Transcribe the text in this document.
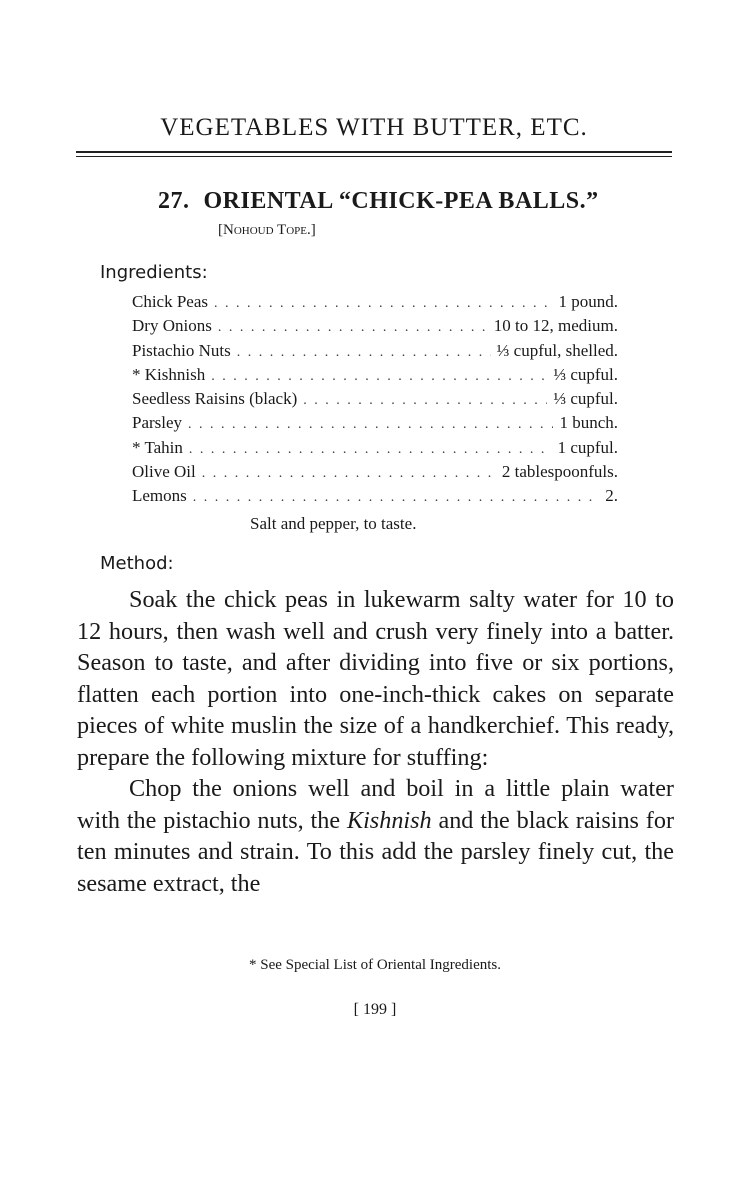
VEGETABLES WITH BUTTER, ETC.
27. ORIENTAL “CHICK-PEA BALLS.”
[Nohoud Tope.]
Ingredients:
Chick Peas . . .	1 pound.
Dry Onions . . .	10 to 12, medium.
Pistachio Nuts . . .	⅓ cupful, shelled.
* Kishnish . . .	⅓ cupful.
Seedless Raisins (black) . . .	⅓ cupful.
Parsley . . .	1 bunch.
* Tahin . . .	1 cupful.
Olive Oil . . .	2 tablespoonfuls.
Lemons . . .	2.
Salt and pepper, to taste.
Method:

Soak the chick peas in lukewarm salty water for 10 to 12 hours, then wash well and crush very finely into a batter. Season to taste, and after dividing into five or six portions, flatten each portion into one-inch-thick cakes on separate pieces of white muslin the size of a handkerchief. This ready, prepare the following mixture for stuffing:

Chop the onions well and boil in a little plain water with the pistachio nuts, the Kishnish and the black raisins for ten minutes and strain. To this add the parsley finely cut, the sesame extract, the

* See Special List of Oriental Ingredients.
[ 199 ]
